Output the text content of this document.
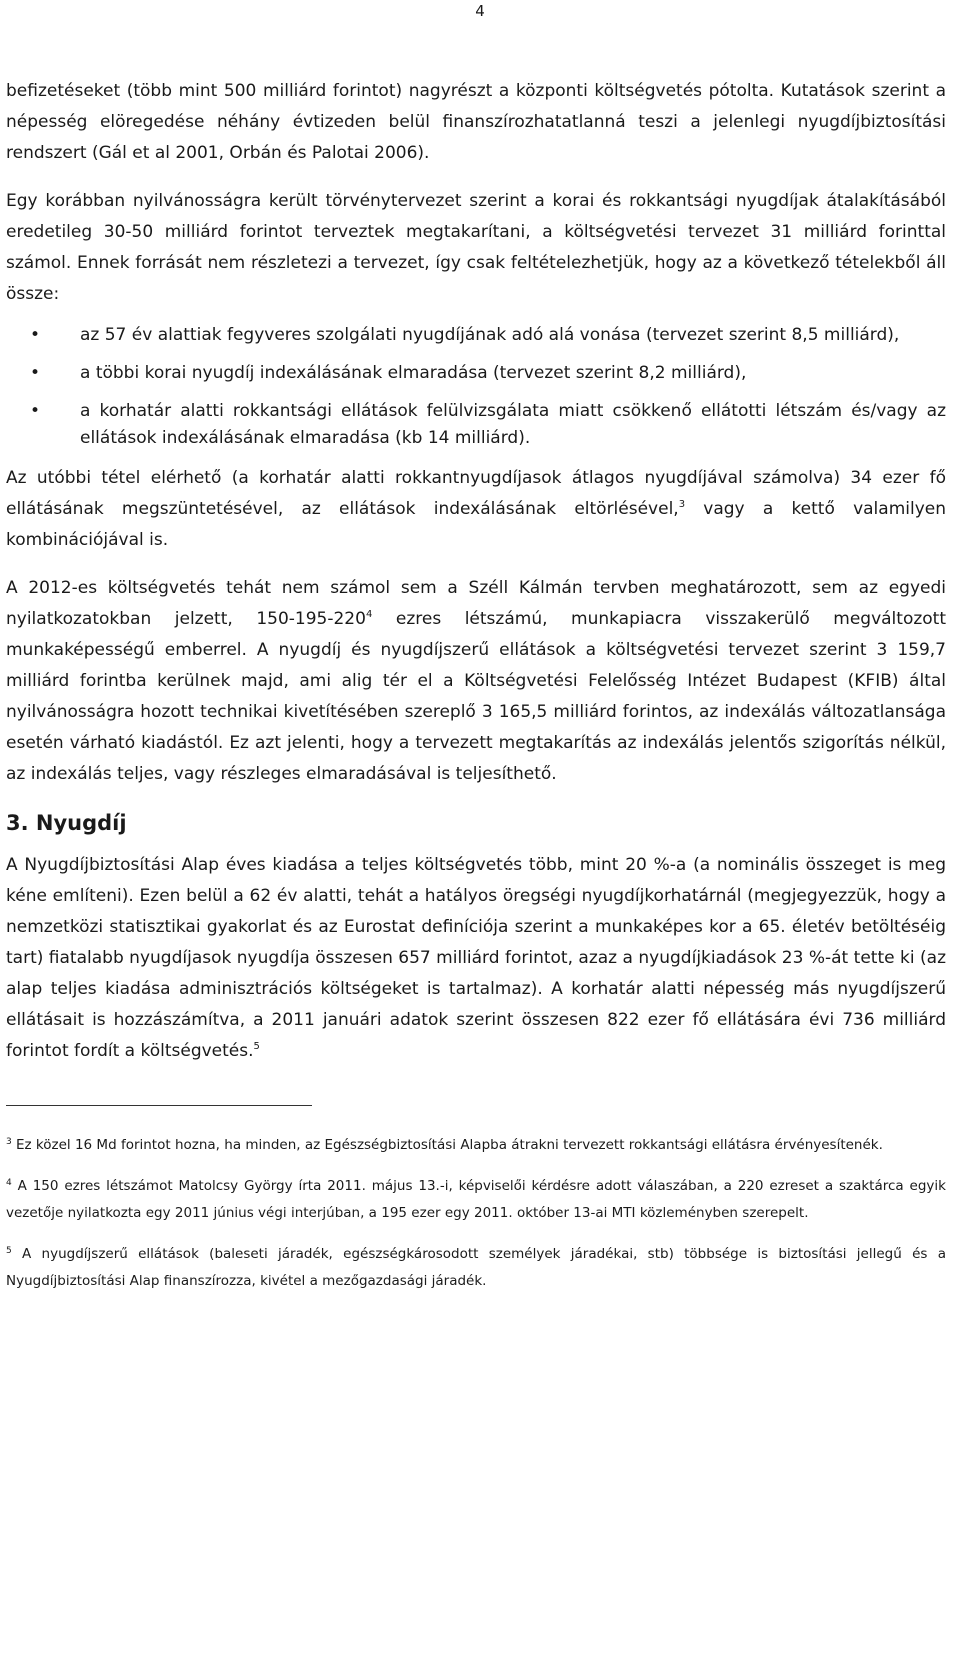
4

befizetéseket (több mint 500 milliárd forintot) nagyrészt a központi költségvetés pótolta. Kutatások szerint a népesség elöregedése néhány évtizeden belül finanszírozhatatlanná teszi a jelenlegi nyugdíjbiztosítási rendszert (Gál et al 2001, Orbán és Palotai 2006).

Egy korábban nyilvánosságra került törvénytervezet szerint a korai és rokkantsági nyugdíjak átalakításából eredetileg 30-50 milliárd forintot terveztek megtakarítani, a költségvetési tervezet 31 milliárd forinttal számol. Ennek forrását nem részletezi a tervezet, így csak feltételezhetjük, hogy az a következő tételekből áll össze:

• az 57 év alattiak fegyveres szolgálati nyugdíjának adó alá vonása (tervezet szerint 8,5 milliárd),
• a többi korai nyugdíj indexálásának elmaradása (tervezet szerint 8,2 milliárd),
• a korhatár alatti rokkantsági ellátások felülvizsgálata miatt csökkenő ellátotti létszám és/vagy az ellátások indexálásának elmaradása (kb 14 milliárd).

Az utóbbi tétel elérhető (a korhatár alatti rokkantnyugdíjasok átlagos nyugdíjával számolva) 34 ezer fő ellátásának megszüntetésével, az ellátások indexálásának eltörlésével,$^3$ vagy a kettő valamilyen kombinációjával is.

A 2012-es költségvetés tehát nem számol sem a Széll Kálmán tervben meghatározott, sem az egyedi nyilatkozatokban jelzett, $150-195-220^4$ ezres létszámú, munkapiacra visszakerülő megváltozott munkaképességű emberrel. A nyugdíj és nyugdíjszerű ellátások a költségvetési tervezet szerint 3 159,7 milliárd forintba kerülnek majd, ami alig tér el a Költségvetési Felelősség Intézet Budapest (KFIB) által nyilvánosságra hozott technikai kivetítésében szereplő 3 165,5 milliárd forintos, az indexálás változatlansága esetén várható kiadástól. Ez azt jelenti, hogy a tervezett megtakarítás az indexálás jelentős szigorítás nélkül, az indexálás teljes, vagy részleges elmaradásával is teljesíthető.

3. Nyugdíj

A Nyugdíjbiztosítási Alap éves kiadása a teljes költségvetés több, mint 20 %-a (a nominális összeget is meg kéne említeni). Ezen belül a 62 év alatti, tehát a hatályos öregségi nyugdíjkorhatárnál (megjegyezzük, hogy a nemzetközi statisztikai gyakorlat és az Eurostat definíciója szerint a munkaképes kor a 65. életév betöltéséig tart) fiatalabb nyugdíjasok nyugdíja összesen 657 milliárd forintot, azaz a nyugdíjkiadások 23 %-át tette ki (az alap teljes kiadása adminisztrációs költségeket is tartalmaz). A korhatár alatti népesség más nyugdíjszerű ellátásait is hozzászámítva, a 2011 januári adatok szerint összesen 822 ezer fő ellátására évi 736 milliárd forintot fordít a költségvetés.$^5$

$^3$ Ez közel 16 Md forintot hozna, ha minden, az Egészségbiztosítási Alapba átrakni tervezett rokkantsági ellátásra érvényesítenék.
$^4$ A 150 ezres létszámot Matolcsy György írta 2011. május 13.-i, képviselői kérdésre adott válaszában, a 220 ezreset a szaktárca egyik vezetője nyilatkozta egy 2011 június végi interjúban, a 195 ezer egy 2011. október 13-ai MTI közleményben szerepelt.
$^5$ A nyugdíjszerű ellátások (baleseti járadék, egészségkárosodott személyek járadékai, stb) többsége is biztosítási jellegű és a Nyugdíjbiztosítási Alap finanszírozza, kivétel a mezőgazdasági járadék.
